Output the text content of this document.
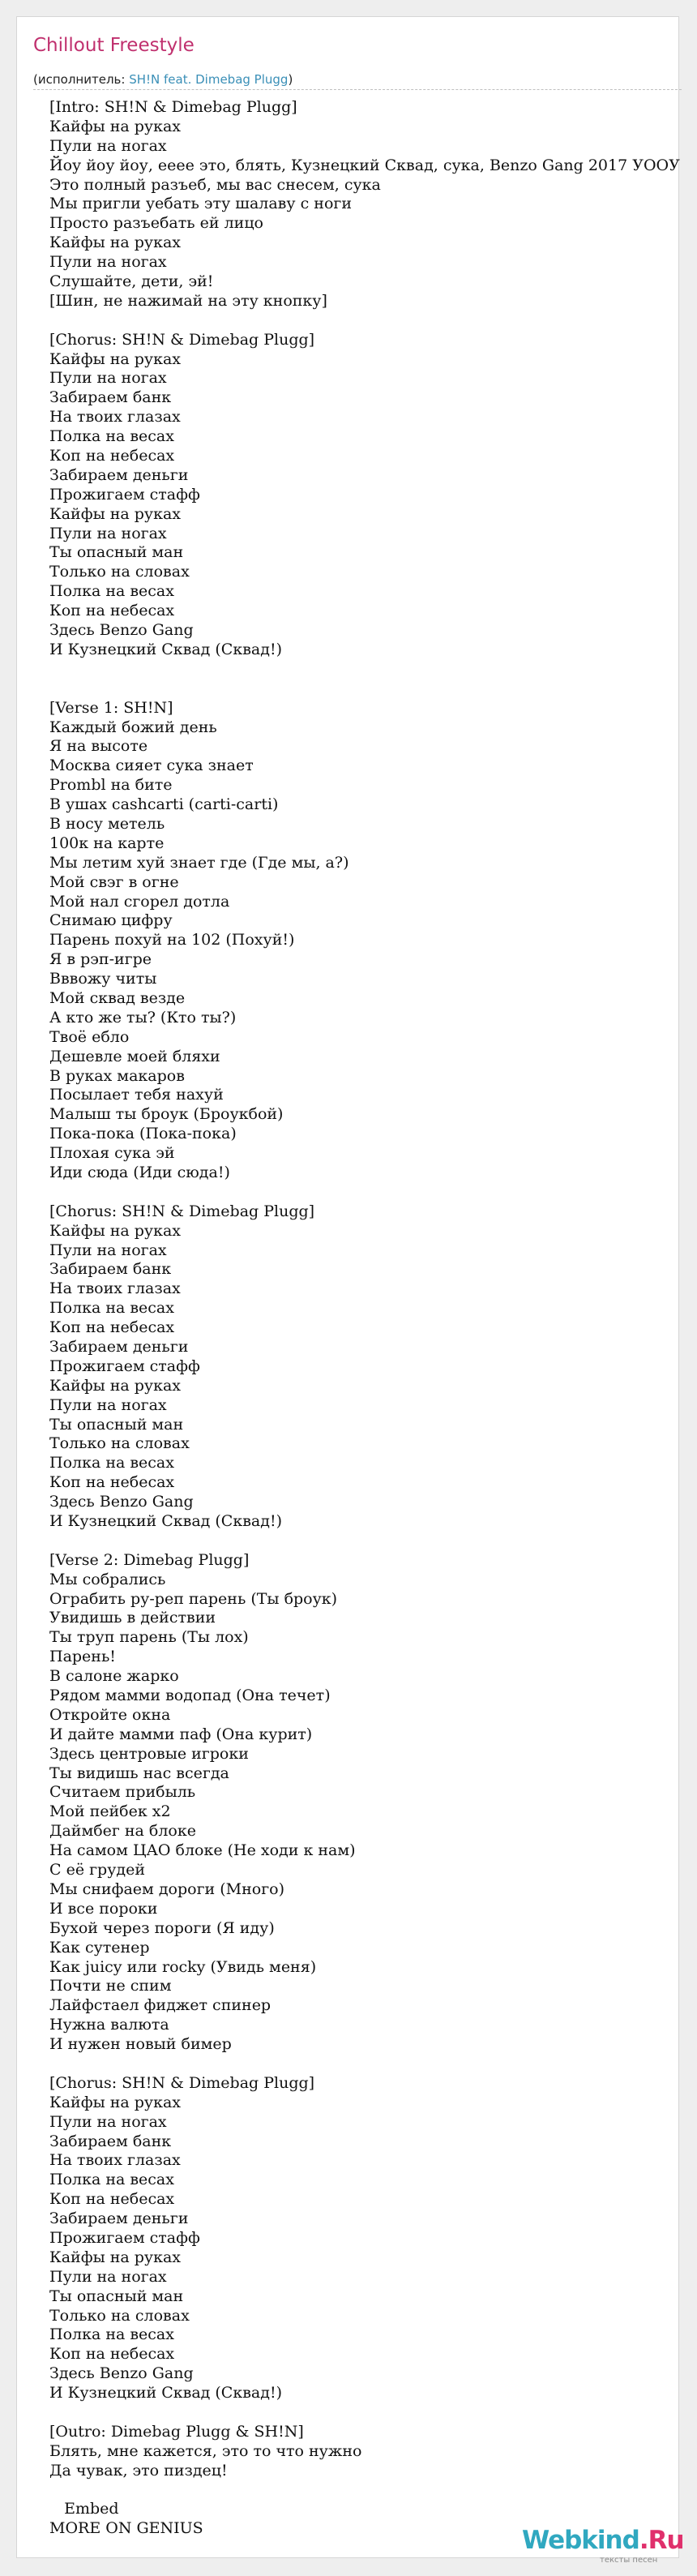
Chillout Freestyle
(исполнитель: SH!N feat. Dimebag Plugg)
[Intro: SH!N & Dimebag Plugg]
Кайфы на руках
Пули на ногах
Йоу йоу йоу, ееее это, блять, Кузнецкий Сквад, сука, Benzo Gang 2017 УООУ
Это полный разъеб, мы вас снесем, сука
Мы пригли уебать эту шалаву с ноги
Просто разъебать ей лицо
Кайфы на руках
Пули на ногах
Слушайте, дети, эй!
[Шин, не нажимай на эту кнопку]
[Chorus: SH!N & Dimebag Plugg]
Кайфы на руках
Пули на ногах
Забираем банк
На твоих глазах
Полка на весах
Коп на небесах
Забираем деньги
Прожигаем стафф
Кайфы на руках
Пули на ногах
Ты опасный ман
Только на словах
Полка на весах
Коп на небесах
Здесь Benzo Gang
И Кузнецкий Сквад (Сквад!)
[Verse 1: SH!N]
Каждый божий день
Я на высоте
Москва сияет сука знает
Prombl на бите
В ушах cashcarti (carti-carti)
В носу метель
100к на карте
Мы летим хуй знает где (Где мы, а?)
Мой свэг в огне
Мой нал сгорел дотла
Снимаю цифру
Парень похуй на 102 (Похуй!)
Я в рэп-игре
Вввожу читы
Мой сквад везде
А кто же ты? (Кто ты?)
Твоё ебло
Дешевле моей бляхи
В руках макаров
Посылает тебя нахуй
Малыш ты броук (Броукбой)
Пока-пока (Пока-пока)
Плохая сука эй
Иди сюда (Иди сюда!)
[Chorus: SH!N & Dimebag Plugg]
Кайфы на руках
Пули на ногах
Забираем банк
На твоих глазах
Полка на весах
Коп на небесах
Забираем деньги
Прожигаем стафф
Кайфы на руках
Пули на ногах
Ты опасный ман
Только на словах
Полка на весах
Коп на небесах
Здесь Benzo Gang
И Кузнецкий Сквад (Сквад!)
[Verse 2: Dimebag Plugg]
Мы собрались
Ограбить ру-реп парень (Ты броук)
Увидишь в действии
Ты труп парень (Ты лох)
Парень!
В салоне жарко
Рядом мамми водопад (Она течет)
Откройте окна
И дайте мамми паф (Она курит)
Здесь центровые игроки
Ты видишь нас всегда
Считаем прибыль
Мой пейбек x2
Даймбег на блоке
На самом ЦАО блоке (Не ходи к нам)
С её грудей
Мы снифаем дороги (Много)
И все пороки
Бухой через пороги (Я иду)
Как сутенер
Как juicy или rocky (Увидь меня)
Почти не спим
Лайфстаел фиджет спинер
Нужна валюта
И нужен новый бимер
[Chorus: SH!N & Dimebag Plugg]
Кайфы на руках
Пули на ногах
Забираем банк
На твоих глазах
Полка на весах
Коп на небесах
Забираем деньги
Прожигаем стафф
Кайфы на руках
Пули на ногах
Ты опасный ман
Только на словах
Полка на весах
Коп на небесах
Здесь Benzo Gang
И Кузнецкий Сквад (Сквад!)
[Outro: Dimebag Plugg & SH!N]
Блять, мне кажется, это то что нужно
Да чувак, это пиздец!
Embed
MORE ON GENIUS	Webkind.Ru
тексты песен
